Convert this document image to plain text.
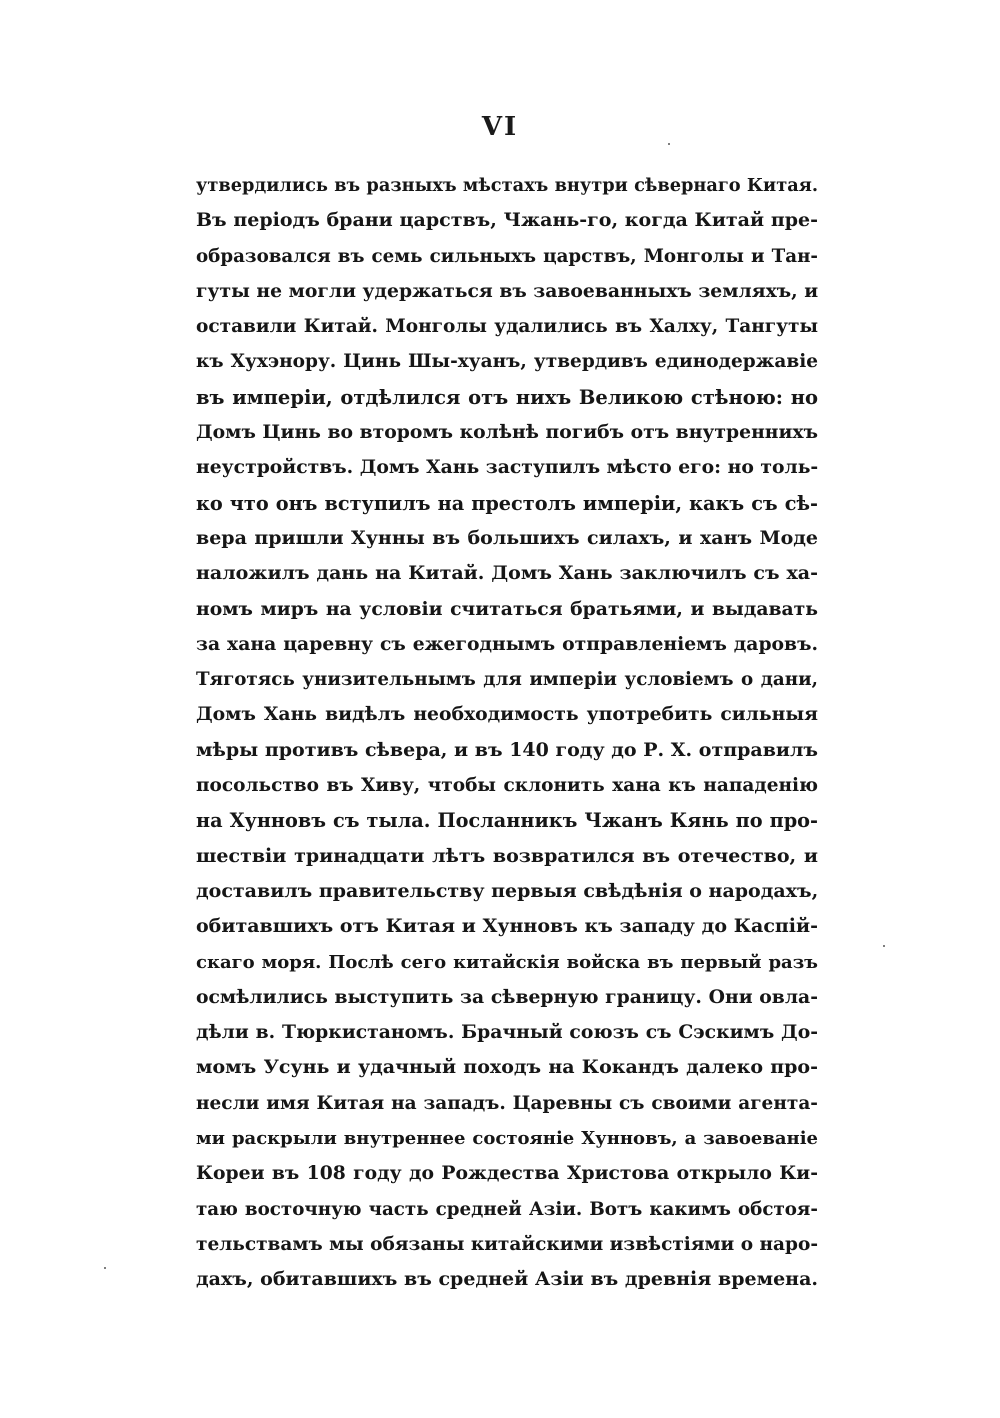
VI
утвердились въ разныхъ мѣстахъ внутри сѣвернаго Китая.
Въ періодъ брани царствъ, Чжань-го, когда Китай пре-
образовался въ семь сильныхъ царствъ, Монголы и Тан-
гуты не могли удержаться въ завоеванныхъ земляхъ, и
оставили Китай. Монголы удалились въ Халху, Тангуты
къ Хухэнору. Цинь Шы-хуанъ, утвердивъ единодержавіе
въ имперіи, отдѣлился отъ нихъ Великою стѣною: но
Домъ Цинь во второмъ колѣнѣ погибъ отъ внутреннихъ
неустройствъ. Домъ Хань заступилъ мѣсто его: но толь-
ко что онъ вступилъ на престолъ имперіи, какъ съ сѣ-
вера пришли Хунны въ большихъ силахъ, и ханъ Моде
наложилъ дань на Китай. Домъ Хань заключилъ съ ха-
номъ миръ на условіи считаться братьями, и выдавать
за хана царевну съ ежегоднымъ отправленіемъ даровъ.
Тяготясь унизительнымъ для имперіи условіемъ о дани,
Домъ Хань видѣлъ необходимость употребить сильныя
мѣры противъ сѣвера, и въ 140 году до Р. Х. отправилъ
посольство въ Хиву, чтобы склонить хана къ нападенію
на Хунновъ съ тыла. Посланникъ Чжанъ Кянь по про-
шествіи тринадцати лѣтъ возвратился въ отечество, и
доставилъ правительству первыя свѣдѣнія о народахъ,
обитавшихъ отъ Китая и Хунновъ къ западу до Каспій-
скаго моря. Послѣ сего китайскія войска въ первый разъ
осмѣлились выступить за сѣверную границу. Они овла-
дѣли в. Тюркистаномъ. Брачный союзъ съ Сэскимъ До-
момъ Усунь и удачный походъ на Кокандъ далеко про-
несли имя Китая на западъ. Царевны съ своими агента-
ми раскрыли внутреннее состояніе Хунновъ, а завоеваніе
Кореи въ 108 году до Рождества Христова открыло Ки-
таю восточную часть средней Азіи. Вотъ какимъ обстоя-
тельствамъ мы обязаны китайскими извѣстіями о наро-
дахъ, обитавшихъ въ средней Азіи въ древнія времена.
